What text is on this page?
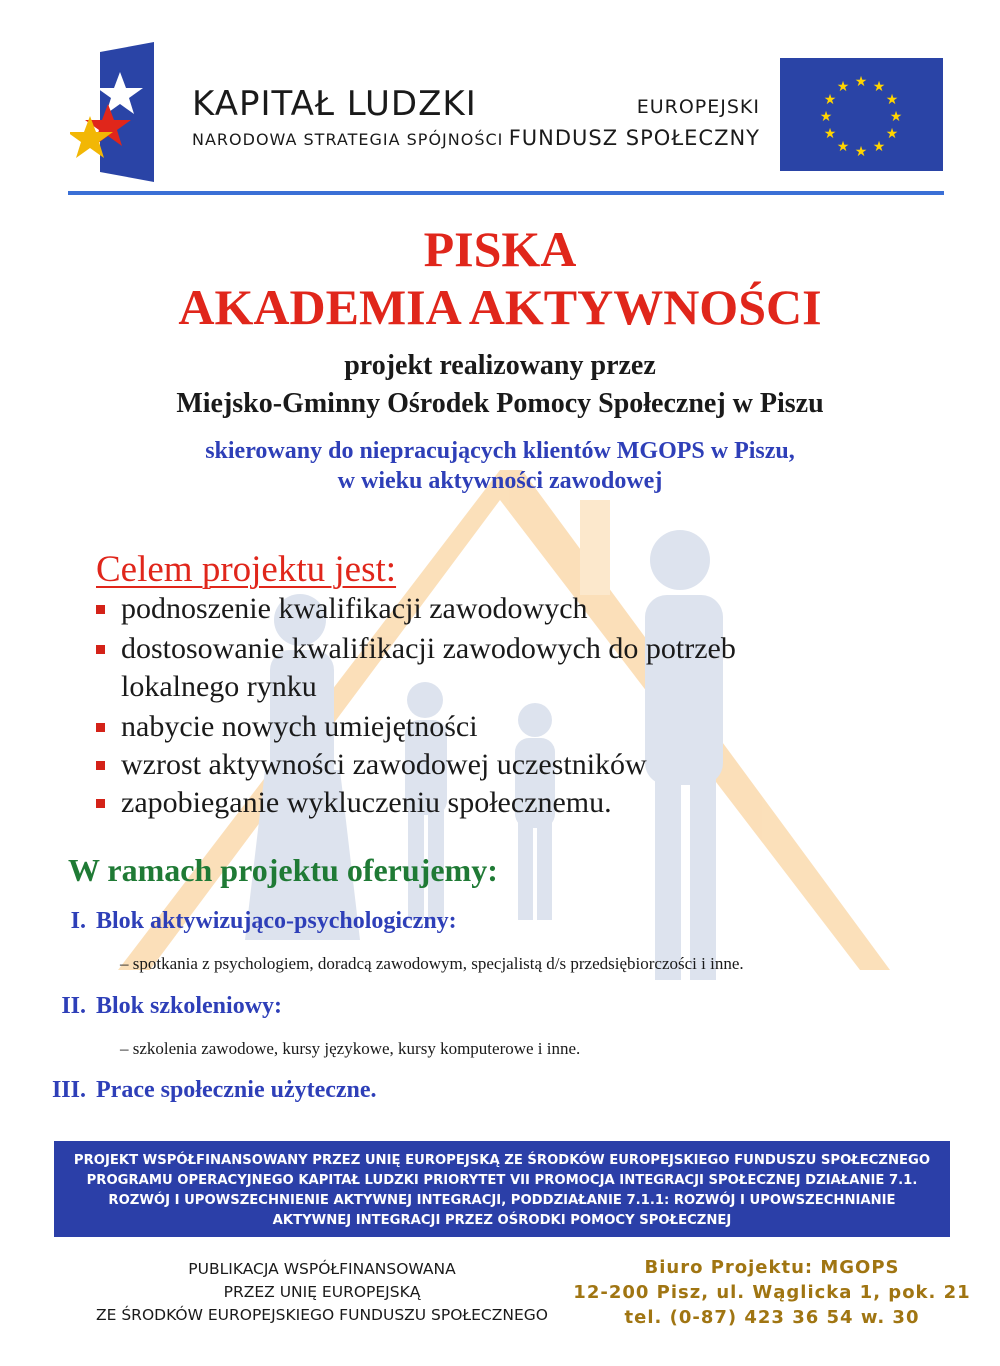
KAPITAŁ LUDZKI
NARODOWA STRATEGIA SPÓJNOŚCI
EUROPEJSKI
FUNDUSZ SPOŁECZNY
★ ★
★
★
★
★
★
★
★
★
★
★
PISKA
AKADEMIA AKTYWNOŚCI
projekt realizowany przez
Miejsko-Gminny Ośrodek Pomocy Społecznej w Piszu
skierowany do niepracujących klientów MGOPS w Piszu,
w wieku aktywności zawodowej
Celem projektu jest:
podnoszenie kwalifikacji zawodowych
dostosowanie kwalifikacji zawodowych do potrzeb
lokalnego rynku
nabycie nowych umiejętności
wzrost aktywności zawodowej uczestników
zapobieganie wykluczeniu społecznemu.
W ramach projektu oferujemy:
I. Blok aktywizująco-psychologiczny:
– spotkania z psychologiem, doradcą zawodowym, specjalistą d/s przedsiębiorczości i inne.
II. Blok szkoleniowy:
– szkolenia zawodowe, kursy językowe, kursy komputerowe i inne.
III. Prace społecznie użyteczne.
PROJEKT WSPÓŁFINANSOWANY PRZEZ UNIĘ EUROPEJSKĄ ZE ŚRODKÓW EUROPEJSKIEGO FUNDUSZU SPOŁECZNEGO
PROGRAMU OPERACYJNEGO KAPITAŁ LUDZKI PRIORYTET VII PROMOCJA INTEGRACJI SPOŁECZNEJ DZIAŁANIE 7.1.
ROZWÓJ I UPOWSZECHNIENIE AKTYWNEJ INTEGRACJI, PODDZIAŁANIE 7.1.1: ROZWÓJ I UPOWSZECHNIANIE
AKTYWNEJ INTEGRACJI PRZEZ OŚRODKI POMOCY SPOŁECZNEJ
PUBLIKACJA WSPÓŁFINANSOWANA
PRZEZ UNIĘ EUROPEJSKĄ
ZE ŚRODKÓW EUROPEJSKIEGO FUNDUSZU SPOŁECZNEGO
Biuro Projektu: MGOPS
12-200 Pisz, ul. Wąglicka 1, pok. 21
tel. (0-87) 423 36 54 w. 30
